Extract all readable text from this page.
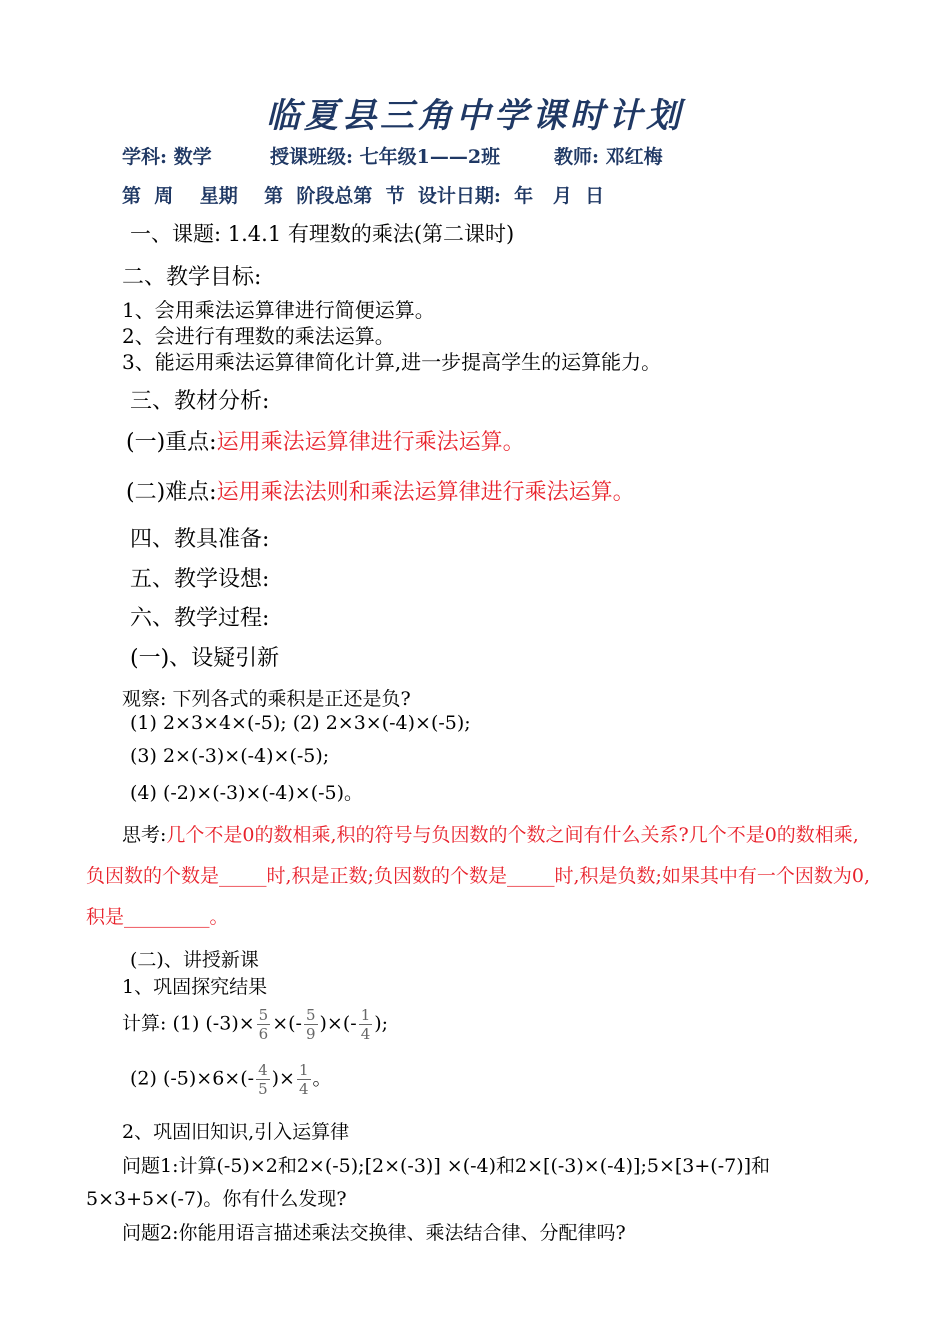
临夏县三角中学课时计划
学科: 数学	授课班级: 七年级1——2班	教师: 邓红梅
第  周    星期    第  阶段总第  节  设计日期:  年   月  日
一、课题: 1.4.1 有理数的乘法(第二课时)
二、教学目标:
1、会用乘法运算律进行简便运算。
2、会进行有理数的乘法运算。
3、能运用乘法运算律简化计算,进一步提高学生的运算能力。
三、教材分析:
(一)重点:运用乘法运算律进行乘法运算。
(二)难点:运用乘法法则和乘法运算律进行乘法运算。
四、教具准备:
五、教学设想:
六、教学过程:
(一)、设疑引新
观察: 下列各式的乘积是正还是负?
(1) 2×3×4×(-5); (2) 2×3×(-4)×(-5);
(3) 2×(-3)×(-4)×(-5);
(4) (-2)×(-3)×(-4)×(-5)。
思考:几个不是0的数相乘,积的符号与负因数的个数之间有什么关系?几个不是0的数相乘,
负因数的个数是_____时,积是正数;负因数的个数是_____时,积是负数;如果其中有一个因数为0,
积是_________。
(二)、讲授新课
1、巩固探究结果
计算: (1) $(-3)\times \frac{5}{6}$ ×(- $\frac{5}{9}$ )×(- $\frac{1}{4}$ );
(2) $(-5)\times 6\times(- \frac{4}{5}$ )× $\frac{1}{4}$ 。
2、巩固旧知识,引入运算律
问题1:计算(-5)×2和2×(-5);[2×(-3)] ×(-4)和2×[(-3)×(-4)];5×[3+(-7)]和
5×3+5×(-7)。你有什么发现?
问题2:你能用语言描述乘法交换律、乘法结合律、分配律吗?
